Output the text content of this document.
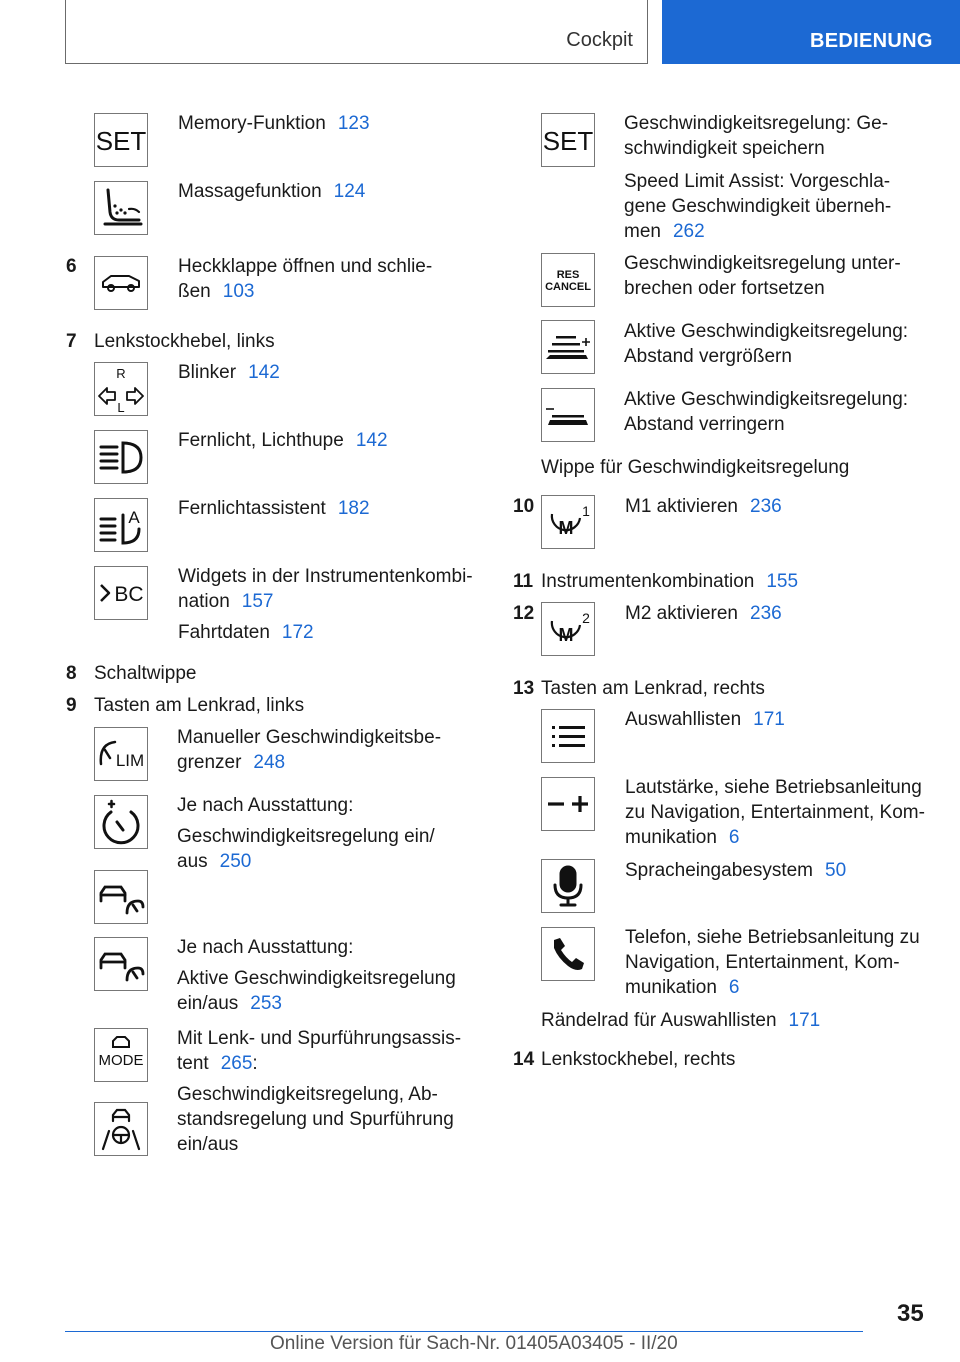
Cockpit	BEDIENUNG
SET
Memory-Funktion 123
Massagefunktion 124
6	Heckklappe öffnen und schlie-
ßen 103
7 Lenkstockhebel, links
R
L
Blinker 142
Fernlicht, Lichthupe 142
A Fernlichtassistent 182
BC
Widgets in der Instrumentenkombi-
nation 157
Fahrtdaten 172
8 Schaltwippe
9 Tasten am Lenkrad, links
LIM
Manueller Geschwindigkeitsbe-
grenzer 248
Je nach Ausstattung:
Geschwindigkeitsregelung ein/
aus 250
Je nach Ausstattung:
Aktive Geschwindigkeitsregelung
ein/aus 253
MODE
Mit Lenk- und Spurführungsassis-
tent 265:
Geschwindigkeitsregelung, Ab-
standsregelung und Spurführung
ein/aus
SET
Geschwindigkeitsregelung: Ge-
schwindigkeit speichern
Speed Limit Assist: Vorgeschla-
gene Geschwindigkeit überneh-
men 262
RES
CANCEL
Geschwindigkeitsregelung unter-
brechen oder fortsetzen
Aktive Geschwindigkeitsregelung:
Abstand vergrößern
Aktive Geschwindigkeitsregelung:
Abstand verringern
Wippe für Geschwindigkeitsregelung
10
M
1 M1 aktivieren 236
11 Instrumentenkombination 155
12
M
2 M2 aktivieren 236
13 Tasten am Lenkrad, rechts
Auswahllisten 171
Lautstärke, siehe Betriebsanleitung
zu Navigation, Entertainment, Kom-
munikation 6
Spracheingabesystem 50
Telefon, siehe Betriebsanleitung zu
Navigation, Entertainment, Kom-
munikation 6
Rändelrad für Auswahllisten 171
14 Lenkstockhebel, rechts
35
Online Version für Sach-Nr. 01405A03405 - II/20
